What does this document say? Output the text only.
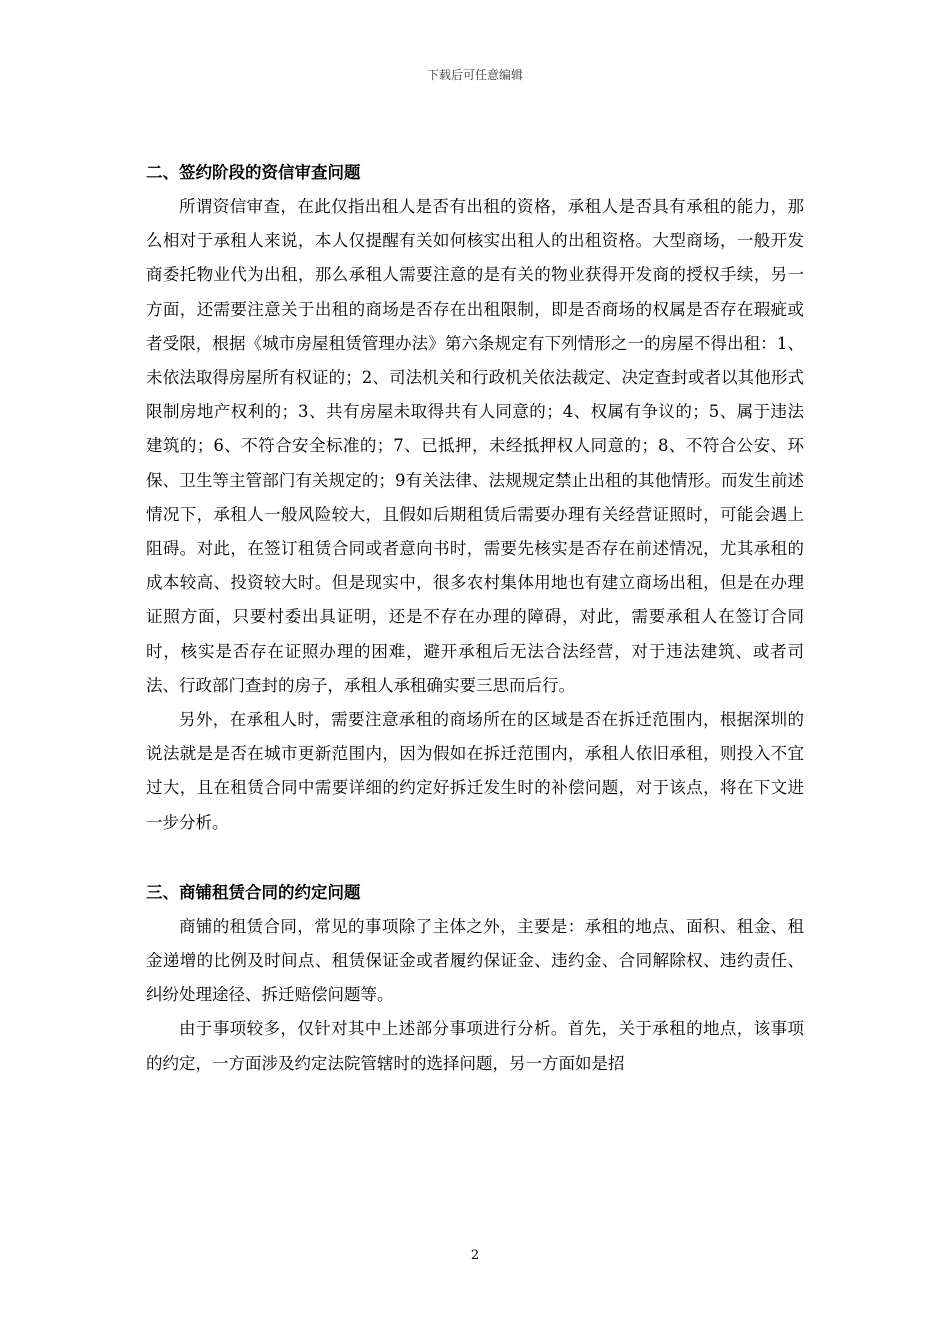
下载后可任意编辑
二、签约阶段的资信审查问题

所谓资信审查，在此仅指出租人是否有出租的资格，承租人是否具有承租的能力，那么相对于承租人来说，本人仅提醒有关如何核实出租人的出租资格。大型商场，一般开发商委托物业代为出租，那么承租人需要注意的是有关的物业获得开发商的授权手续，另一方面，还需要注意关于出租的商场是否存在出租限制，即是否商场的权属是否存在瑕疵或者受限，根据《城市房屋租赁管理办法》第六条规定有下列情形之一的房屋不得出租：1、未依法取得房屋所有权证的；2、司法机关和行政机关依法裁定、决定查封或者以其他形式限制房地产权利的；3、共有房屋未取得共有人同意的；4、权属有争议的；5、属于违法建筑的；6、不符合安全标准的；7、已抵押，未经抵押权人同意的；8、不符合公安、环保、卫生等主管部门有关规定的；9有关法律、法规规定禁止出租的其他情形。而发生前述情况下，承租人一般风险较大，且假如后期租赁后需要办理有关经营证照时，可能会遇上阻碍。对此，在签订租赁合同或者意向书时，需要先核实是否存在前述情况，尤其承租的成本较高、投资较大时。但是现实中，很多农村集体用地也有建立商场出租，但是在办理证照方面，只要村委出具证明，还是不存在办理的障碍，对此，需要承租人在签订合同时，核实是否存在证照办理的困难，避开承租后无法合法经营，对于违法建筑、或者司法、行政部门查封的房子，承租人承租确实要三思而后行。

另外，在承租人时，需要注意承租的商场所在的区域是否在拆迁范围内，根据深圳的说法就是是否在城市更新范围内，因为假如在拆迁范围内，承租人依旧承租，则投入不宜过大，且在租赁合同中需要详细的约定好拆迁发生时的补偿问题，对于该点，将在下文进一步分析。

三、商铺租赁合同的约定问题

商铺的租赁合同，常见的事项除了主体之外，主要是：承租的地点、面积、租金、租金递增的比例及时间点、租赁保证金或者履约保证金、违约金、合同解除权、违约责任、纠纷处理途径、拆迁赔偿问题等。

由于事项较多，仅针对其中上述部分事项进行分析。首先，关于承租的地点，该事项的约定，一方面涉及约定法院管辖时的选择问题，另一方面如是招

2
